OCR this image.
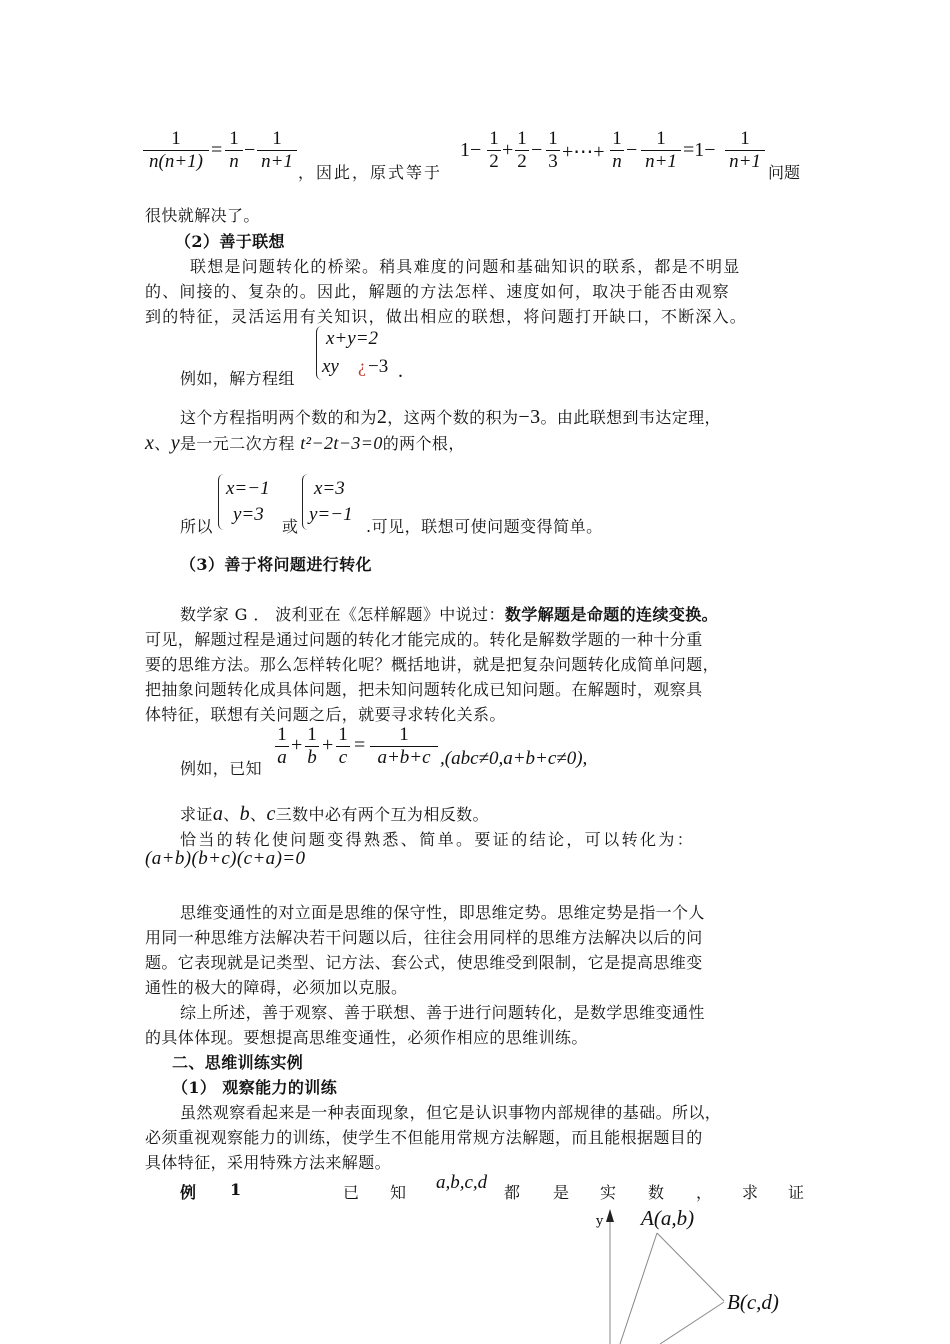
$\frac{1}{n(n+1)} = \frac{1}{n} - \frac{1}{n+1}$ ，因此，原式等于
$1- \frac{1}{2} + \frac{1}{2} - \frac{1}{3}$ +⋯+ $\frac{1}{n} - \frac{1}{n+1} =1- \frac{1}{n+1}$ 问题
很快就解决了。
（2）善于联想
联想是问题转化的桥梁。稍具难度的问题和基础知识的联系，都是不明显
的、间接的、复杂的。因此，解题的方法怎样、速度如何，取决于能否由观察
到的特征，灵活运用有关知识，做出相应的联想，将问题打开缺口，不断深入。
例如，解方程组
x+y=2
xy ¿ −3 .
这个方程指明两个数的和为2，这两个数的积为−3。由此联想到韦达定理，
x、y是一元二次方程 t²−2t−3=0的两个根，
所以
x=−1
y=3
或
x=3
y=−1
.可见，联想可使问题变得简单。
（3）善于将问题进行转化
数学家 G ． 波利亚在《怎样解题》中说过：数学解题是命题的连续变换。
可见，解题过程是通过问题的转化才能完成的。转化是解数学题的一种十分重
要的思维方法。那么怎样转化呢？概括地讲，就是把复杂问题转化成简单问题，
把抽象问题转化成具体问题，把未知问题转化成已知问题。在解题时，观察具
体特征，联想有关问题之后，就要寻求转化关系。
例如，已知 $\frac{1}{a} + \frac{1}{b} + \frac{1}{c} = \frac{1}{a+b+c} ,(abc\ne 0,a+b+c\ne 0)$,
求证a、b、c三数中必有两个互为相反数。
恰当的转化使问题变得熟悉、简单。要证的结论，可以转化为：
(a+b)(b+c)(c+a)=0
思维变通性的对立面是思维的保守性，即思维定势。思维定势是指一个人
用同一种思维方法解决若干问题以后，往往会用同样的思维方法解决以后的问
题。它表现就是记类型、记方法、套公式，使思维受到限制，它是提高思维变
通性的极大的障碍，必须加以克服。
综上所述，善于观察、善于联想、善于进行问题转化，是数学思维变通性
的具体体现。要想提高思维变通性，必须作相应的思维训练。
二、思维训练实例
（1） 观察能力的训练
虽然观察看起来是一种表面现象，但它是认识事物内部规律的基础。所以，
必须重视观察能力的训练，使学生不但能用常规方法解题，而且能根据题目的
具体特征，采用特殊方法来解题。
例 1	已 知 a,b,c,d 都 是 实 数 ， 求 证
y A(a,b)
B(c,d)
